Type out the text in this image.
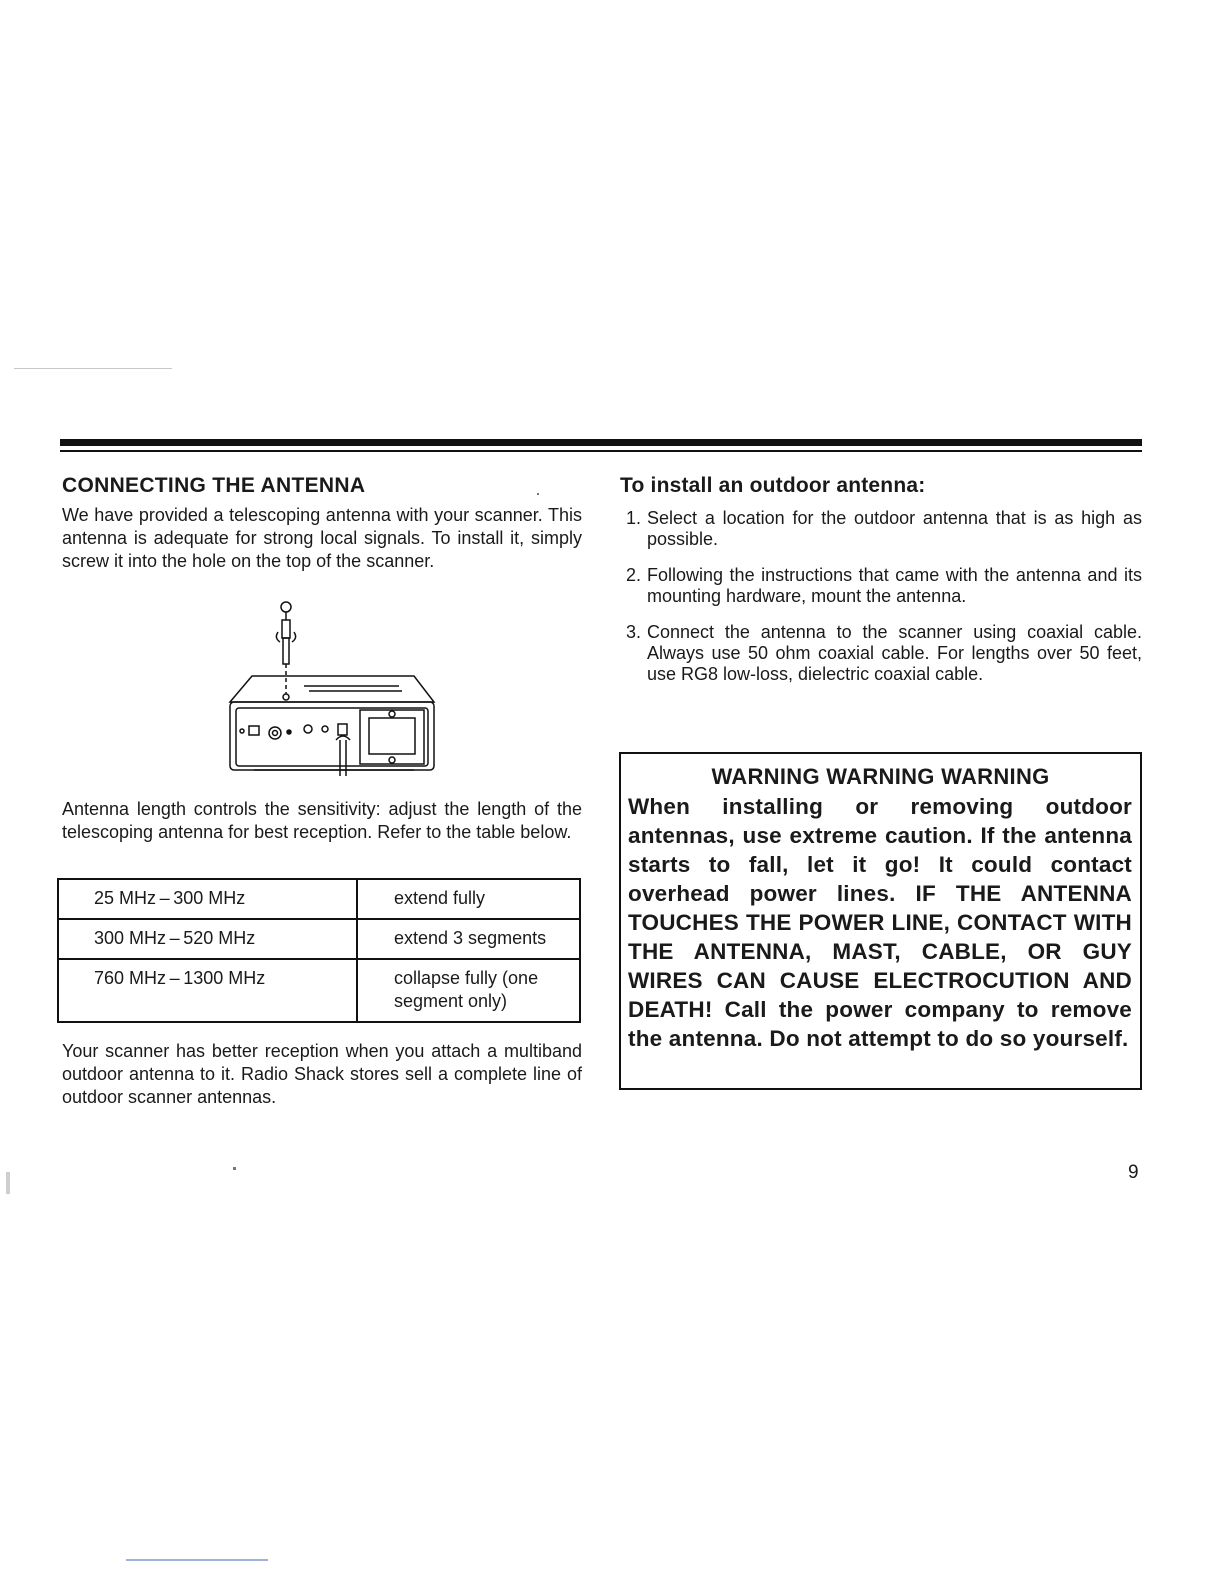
CONNECTING THE ANTENNA
We have provided a telescoping antenna with your scanner. This antenna is adequate for strong local signals. To install it, simply screw it into the hole on the top of the scanner.
Antenna length controls the sensitivity: adjust the length of the telescoping antenna for best reception. Refer to the table below.
25 MHz – 300 MHz	extend fully
300 MHz – 520 MHz	extend 3 segments
760 MHz – 1300 MHz	collapse fully (one segment only)
Your scanner has better reception when you attach a multiband outdoor antenna to it. Radio Shack stores sell a complete line of outdoor scanner antennas.
To install an outdoor antenna:
1. Select a location for the outdoor antenna that is as high as possible.
2. Following the instructions that came with the antenna and its mounting hardware, mount the antenna.
3. Connect the antenna to the scanner using coaxial cable. Always use 50 ohm coaxial cable. For lengths over 50 feet, use RG8 low-loss, dielectric coaxial cable.
WARNING WARNING WARNING
When installing or removing outdoor antennas, use extreme caution. If the antenna starts to fall, let it go! It could contact overhead power lines. IF THE ANTENNA TOUCHES THE POWER LINE, CONTACT WITH THE ANTENNA, MAST, CABLE, OR GUY WIRES CAN CAUSE ELECTROCUTION AND DEATH! Call the power company to remove the antenna. Do not attempt to do so yourself.
9
